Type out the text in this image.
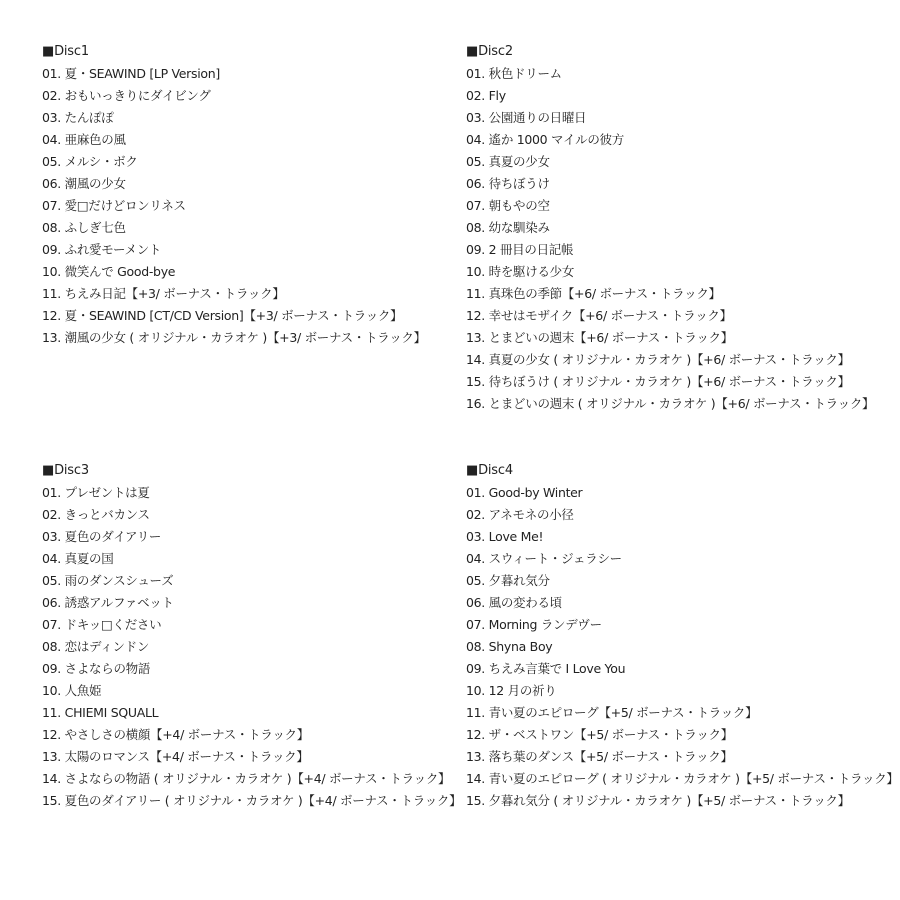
■Disc1
01. 夏・SEAWIND [LP Version]
02. おもいっきりにダイビング
03. たんぽぽ
04. 亜麻色の風
05. メルシ・ボク
06. 潮風の少女
07. 愛□だけどロンリネス
08. ふしぎ七色
09. ふれ愛モーメント
10. 微笑んで Good-bye
11. ちえみ日記【+3/ ボーナス・トラック】
12. 夏・SEAWIND [CT/CD Version]【+3/ ボーナス・トラック】
13. 潮風の少女 ( オリジナル・カラオケ )【+3/ ボーナス・トラック】
■Disc2
01. 秋色ドリーム
02. Fly
03. 公園通りの日曜日
04. 遙か 1000 マイルの彼方
05. 真夏の少女
06. 待ちぼうけ
07. 朝もやの空
08. 幼な馴染み
09. 2 冊目の日記帳
10. 時を駆ける少女
11. 真珠色の季節【+6/ ボーナス・トラック】
12. 幸せはモザイク【+6/ ボーナス・トラック】
13. とまどいの週末【+6/ ボーナス・トラック】
14. 真夏の少女 ( オリジナル・カラオケ )【+6/ ボーナス・トラック】
15. 待ちぼうけ ( オリジナル・カラオケ )【+6/ ボーナス・トラック】
16. とまどいの週末 ( オリジナル・カラオケ )【+6/ ボーナス・トラック】
■Disc3
01. プレゼントは夏
02. きっとバカンス
03. 夏色のダイアリー
04. 真夏の国
05. 雨のダンスシューズ
06. 誘惑アルファベット
07. ドキッ□ください
08. 恋はディンドン
09. さよならの物語
10. 人魚姫
11. CHIEMI SQUALL
12. やさしさの横顔【+4/ ボーナス・トラック】
13. 太陽のロマンス【+4/ ボーナス・トラック】
14. さよならの物語 ( オリジナル・カラオケ )【+4/ ボーナス・トラック】
15. 夏色のダイアリー ( オリジナル・カラオケ )【+4/ ボーナス・トラック】
■Disc4
01. Good-by Winter
02. アネモネの小径
03. Love Me!
04. スウィート・ジェラシー
05. 夕暮れ気分
06. 風の変わる頃
07. Morning ランデヴー
08. Shyna Boy
09. ちえみ言葉で I Love You
10. 12 月の祈り
11. 青い夏のエピローグ【+5/ ボーナス・トラック】
12. ザ・ベストワン【+5/ ボーナス・トラック】
13. 落ち葉のダンス【+5/ ボーナス・トラック】
14. 青い夏のエピローグ ( オリジナル・カラオケ )【+5/ ボーナス・トラック】
15. 夕暮れ気分 ( オリジナル・カラオケ )【+5/ ボーナス・トラック】
